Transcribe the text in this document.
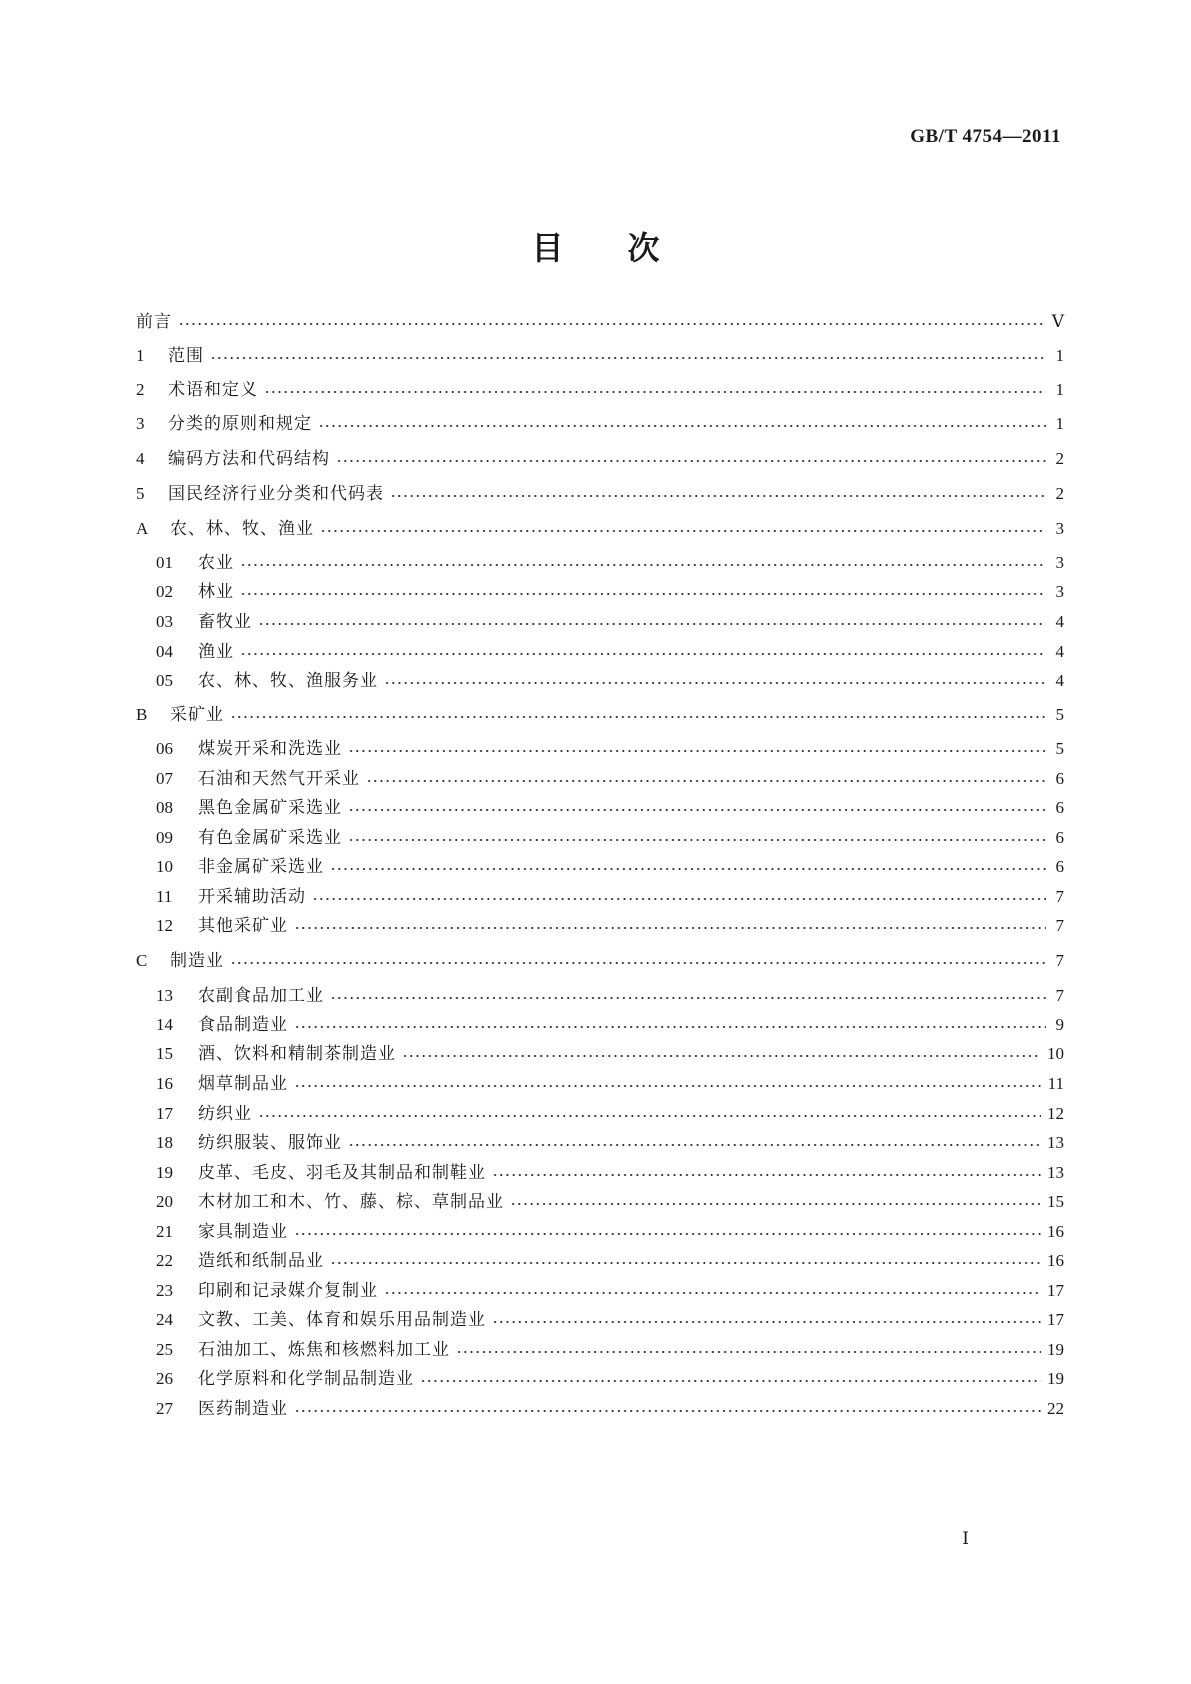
GB/T 4754—2011
目 次
前言	Ⅴ
1	范围	1
2	术语和定义	1
3	分类的原则和规定	1
4	编码方法和代码结构	2
5	国民经济行业分类和代码表	2
A	农、林、牧、渔业	3
01	农业	3
02	林业	3
03	畜牧业	4
04	渔业	4
05	农、林、牧、渔服务业	4
B	采矿业	5
06	煤炭开采和洗选业	5
07	石油和天然气开采业	6
08	黑色金属矿采选业	6
09	有色金属矿采选业	6
10	非金属矿采选业	6
11	开采辅助活动	7
12	其他采矿业	7
C	制造业	7
13	农副食品加工业	7
14	食品制造业	9
15	酒、饮料和精制茶制造业	10
16	烟草制品业	11
17	纺织业	12
18	纺织服装、服饰业	13
19	皮革、毛皮、羽毛及其制品和制鞋业	13
20	木材加工和木、竹、藤、棕、草制品业	15
21	家具制造业	16
22	造纸和纸制品业	16
23	印刷和记录媒介复制业	17
24	文教、工美、体育和娱乐用品制造业	17
25	石油加工、炼焦和核燃料加工业	19
26	化学原料和化学制品制造业	19
27	医药制造业	22
Ⅰ
